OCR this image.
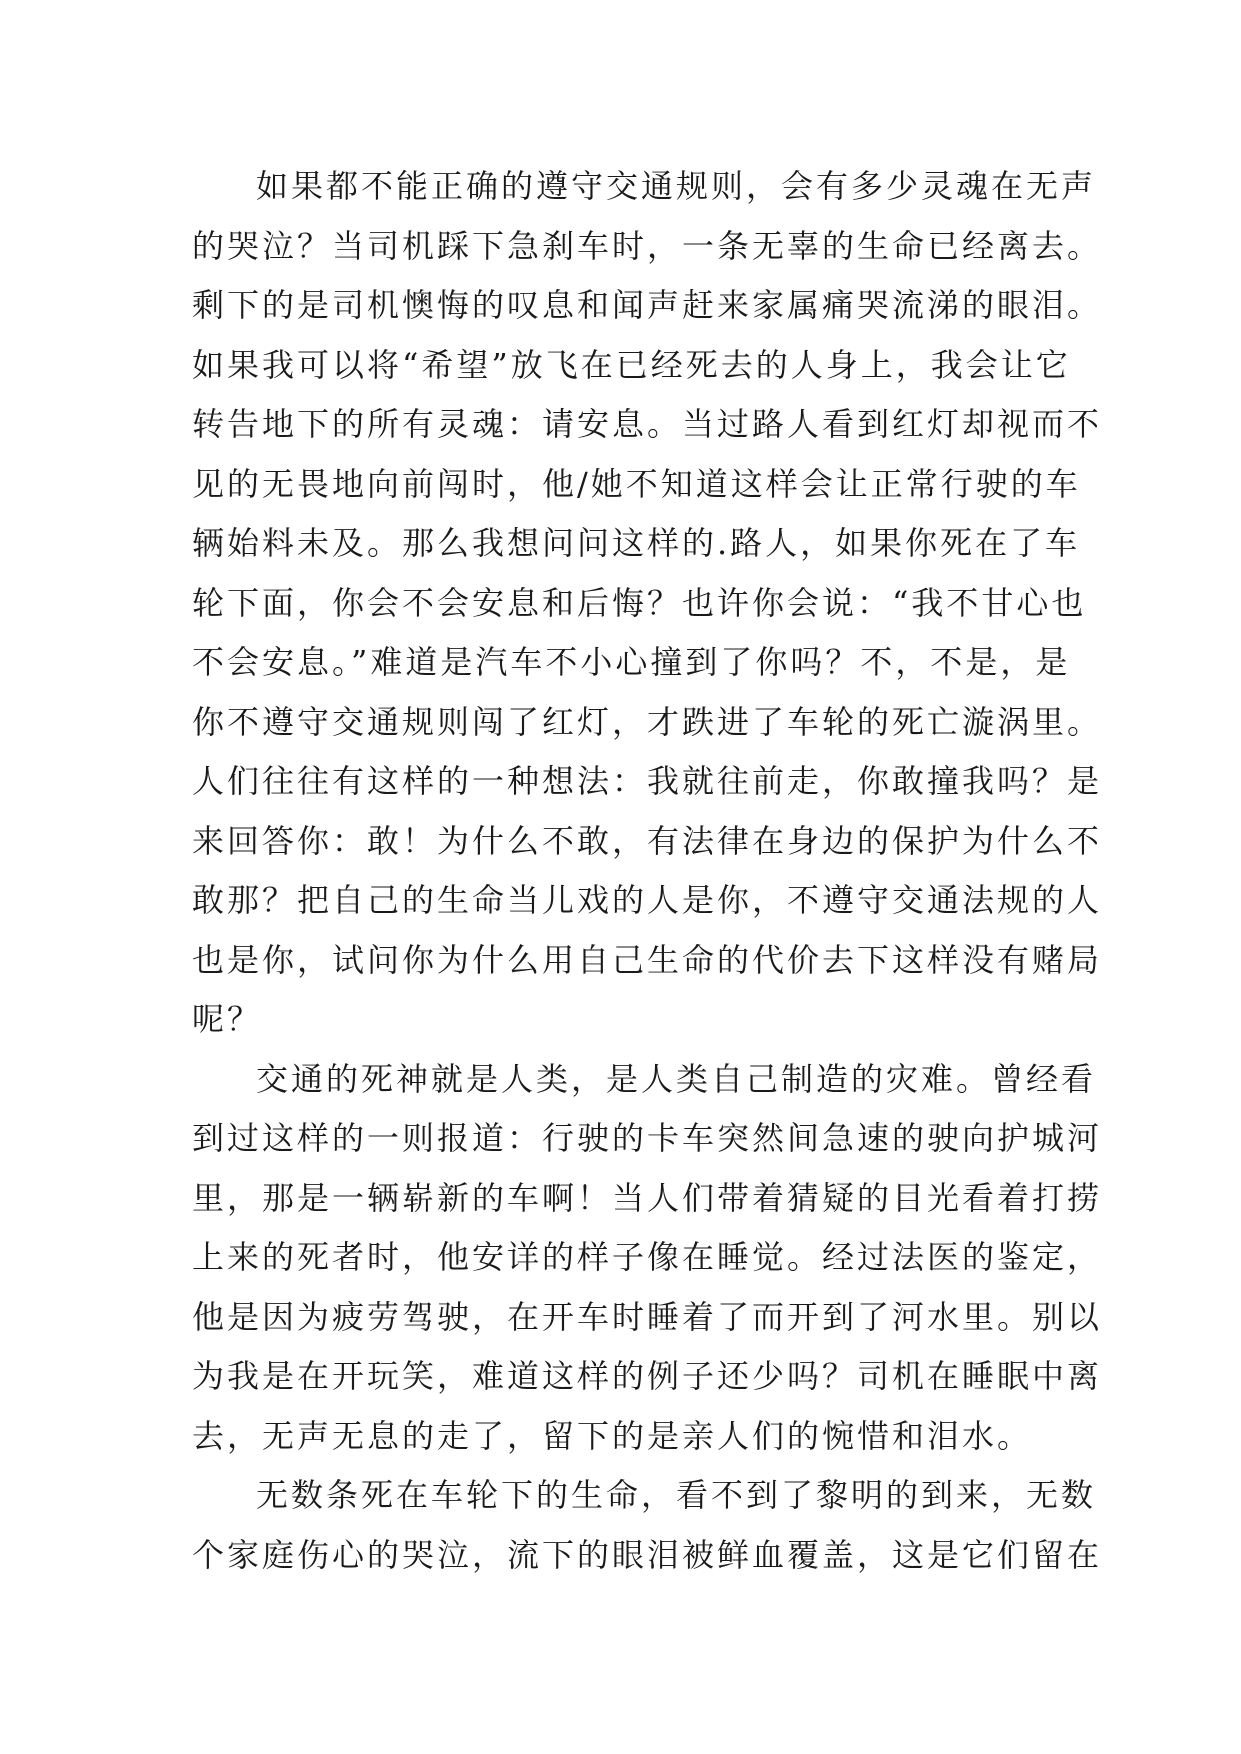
如果都不能正确的遵守交通规则，会有多少灵魂在无声
的哭泣？当司机踩下急刹车时，一条无辜的生命已经离去。
剩下的是司机懊悔的叹息和闻声赶来家属痛哭流涕的眼泪。
如果我可以将“希望”放飞在已经死去的人身上，我会让它
转告地下的所有灵魂：请安息。当过路人看到红灯却视而不
见的无畏地向前闯时，他/她不知道这样会让正常行驶的车
辆始料未及。那么我想问问这样的.路人，如果你死在了车
轮下面，你会不会安息和后悔？也许你会说：“我不甘心也
不会安息。”难道是汽车不小心撞到了你吗？不，不是，是
你不遵守交通规则闯了红灯，才跌进了车轮的死亡漩涡里。
人们往往有这样的一种想法：我就往前走，你敢撞我吗？是
来回答你：敢！为什么不敢，有法律在身边的保护为什么不
敢那？把自己的生命当儿戏的人是你，不遵守交通法规的人
也是你，试问你为什么用自己生命的代价去下这样没有赌局
呢？
交通的死神就是人类，是人类自己制造的灾难。曾经看
到过这样的一则报道：行驶的卡车突然间急速的驶向护城河
里，那是一辆崭新的车啊！当人们带着猜疑的目光看着打捞
上来的死者时，他安详的样子像在睡觉。经过法医的鉴定，
他是因为疲劳驾驶，在开车时睡着了而开到了河水里。别以
为我是在开玩笑，难道这样的例子还少吗？司机在睡眠中离
去，无声无息的走了，留下的是亲人们的惋惜和泪水。
无数条死在车轮下的生命，看不到了黎明的到来，无数
个家庭伤心的哭泣，流下的眼泪被鲜血覆盖，这是它们留在
